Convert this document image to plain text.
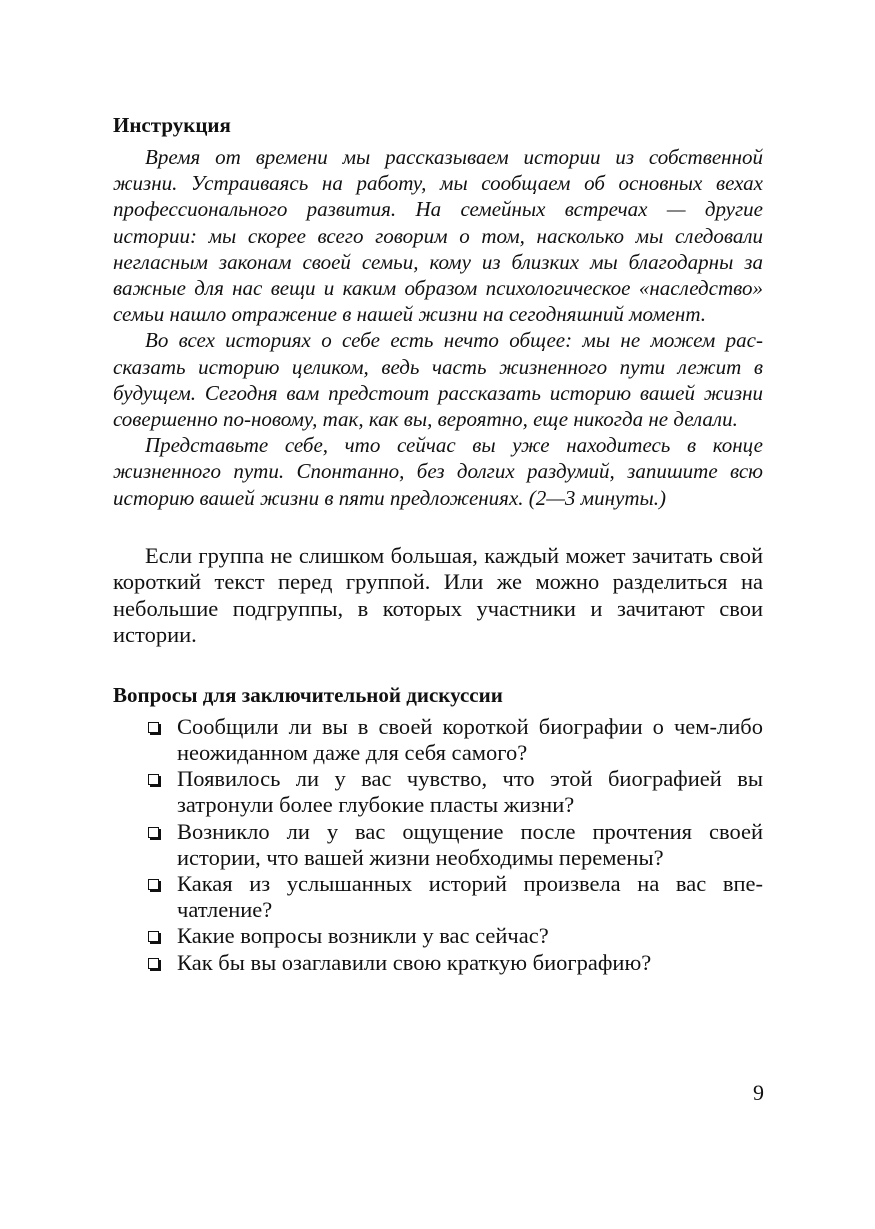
Инструкция

Время от времени мы рассказываем истории из собственной жизни. Устраиваясь на работу, мы сообщаем об основных вехах профессионального развития. На семейных встречах — другие истории: мы скорее всего говорим о том, насколько мы следовали негласным законам своей семьи, кому из близких мы благодарны за важные для нас вещи и каким образом психологическое «наследство» семьи нашло отражение в нашей жизни на сегодняшний момент.

Во всех историях о себе есть нечто общее: мы не можем рассказать историю целиком, ведь часть жизненного пути лежит в будущем. Сегодня вам предстоит рассказать историю вашей жизни совершенно по-новому, так, как вы, вероятно, еще никогда не делали.

Представьте себе, что сейчас вы уже находитесь в конце жизненного пути. Спонтанно, без долгих раздумий, запишите всю историю вашей жизни в пяти предложениях. (2—3 минуты.)

Если группа не слишком большая, каждый может зачитать свой короткий текст перед группой. Или же можно разделиться на небольшие подгруппы, в которых участники и зачитают свои истории.

Вопросы для заключительной дискуссии
Сообщили ли вы в своей короткой биографии о чем-либо неожиданном даже для себя самого?
Появилось ли у вас чувство, что этой биографией вы затронули более глубокие пласты жизни?
Возникло ли у вас ощущение после прочтения своей истории, что вашей жизни необходимы перемены?
Какая из услышанных историй произвела на вас впечатление?
Какие вопросы возникли у вас сейчас?
Как бы вы озаглавили свою краткую биографию?
9
